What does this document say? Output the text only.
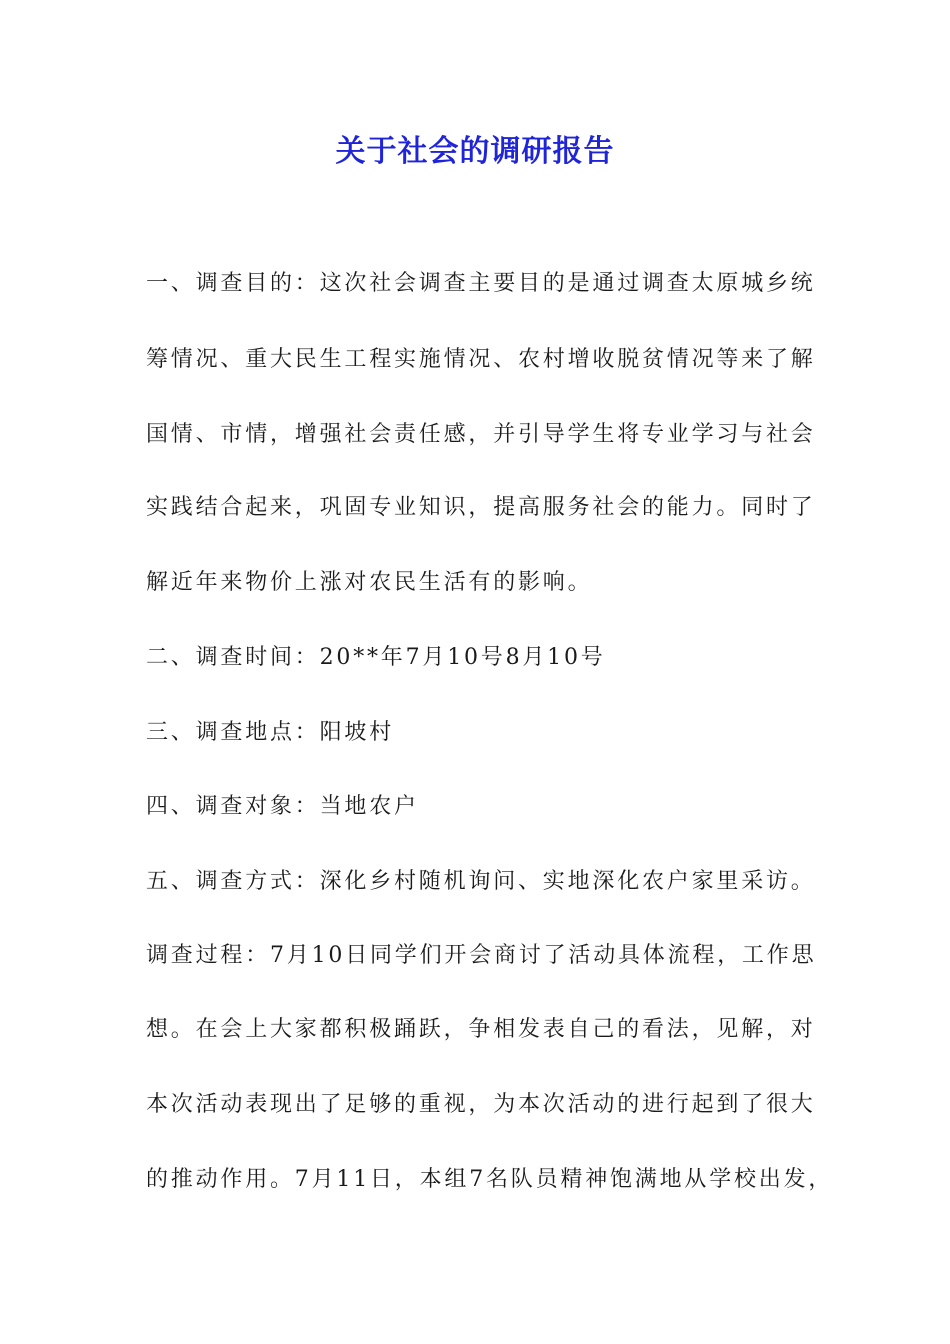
关于社会的调研报告
一、调查目的：这次社会调查主要目的是通过调查太原城乡统
筹情况、重大民生工程实施情况、农村增收脱贫情况等来了解
国情、市情，增强社会责任感，并引导学生将专业学习与社会
实践结合起来，巩固专业知识，提高服务社会的能力。同时了
解近年来物价上涨对农民生活有的影响。
二、调查时间：20**年7月10号8月10号
三、调查地点：阳坡村
四、调查对象：当地农户
五、调查方式：深化乡村随机询问、实地深化农户家里采访。
调查过程：7月10日同学们开会商讨了活动具体流程，工作思
想。在会上大家都积极踊跃，争相发表自己的看法，见解，对
本次活动表现出了足够的重视，为本次活动的进行起到了很大
的推动作用。7月11日，本组7名队员精神饱满地从学校出发，
